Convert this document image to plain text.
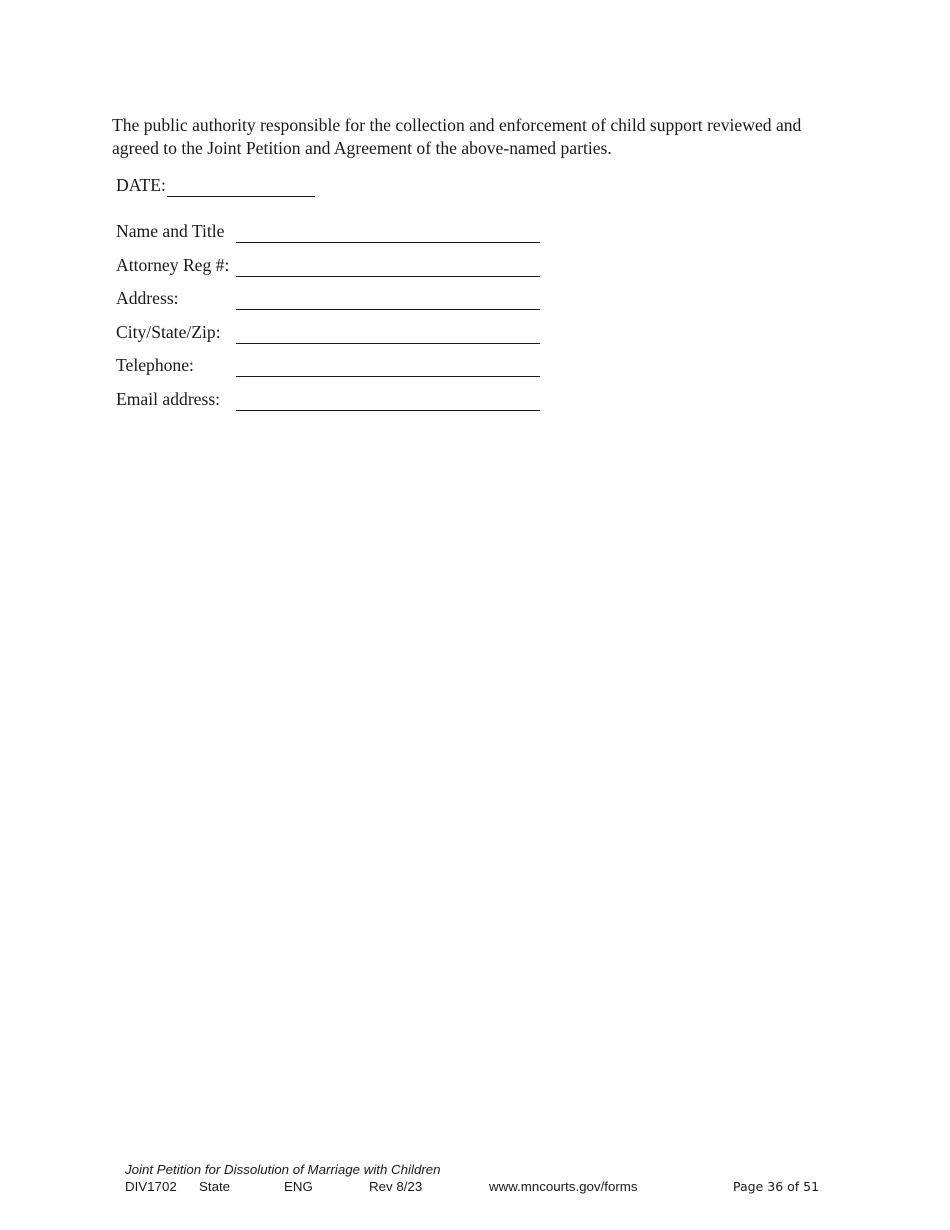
The public authority responsible for the collection and enforcement of child support reviewed and agreed to the Joint Petition and Agreement of the above-named parties.

DATE:
Name and Title
Attorney Reg #:
Address:
City/State/Zip:
Telephone:
Email address:
Joint Petition for Dissolution of Marriage with Children
DIV1702 State	ENG	Rev 8/23	www.mncourts.gov/forms	Page 36 of 51
